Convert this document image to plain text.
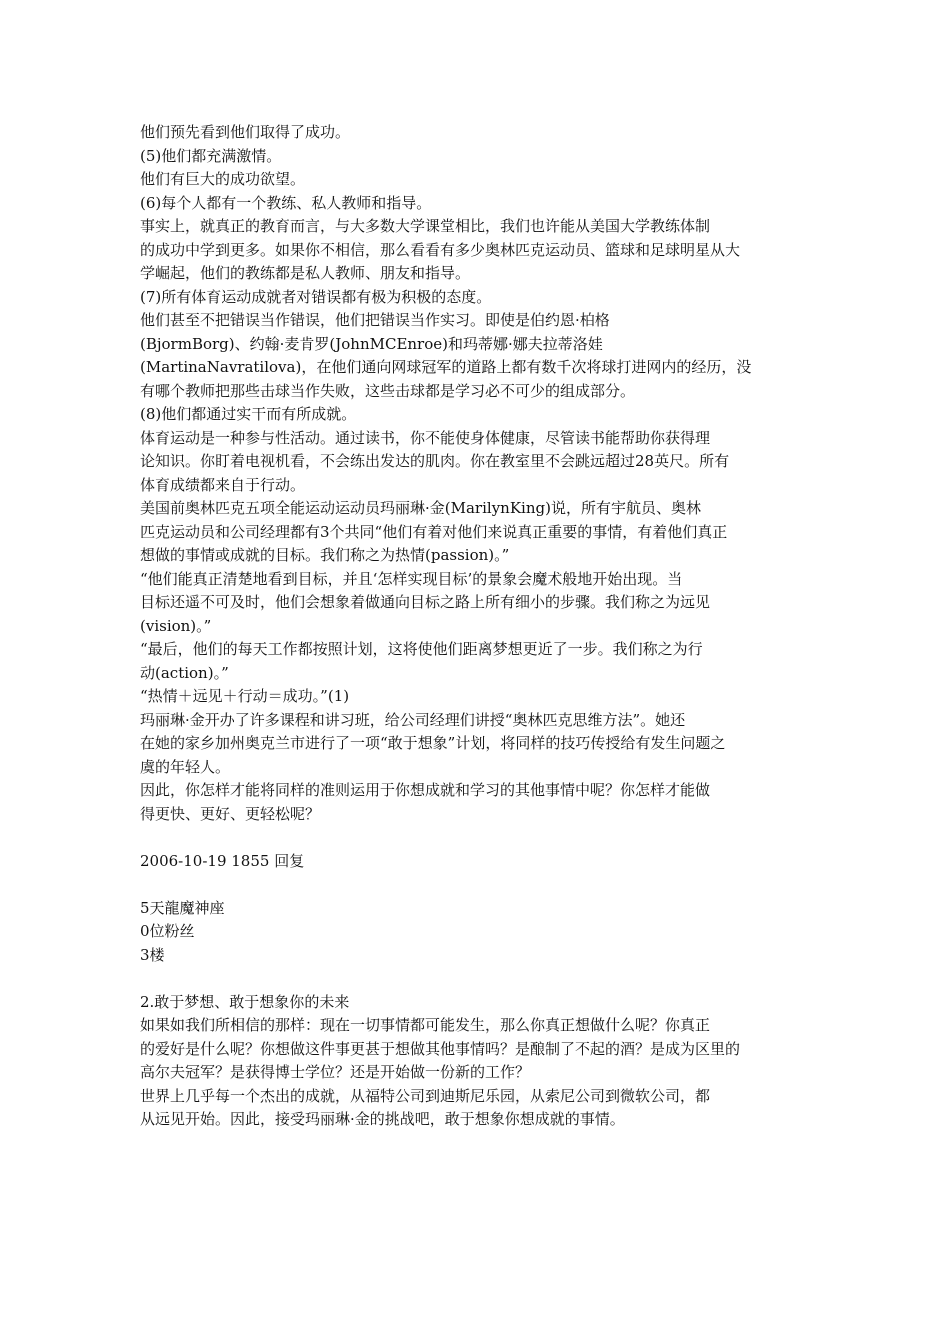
他们预先看到他们取得了成功。
(5)他们都充满激情。
他们有巨大的成功欲望。
(6)每个人都有一个教练、私人教师和指导。
事实上，就真正的教育而言，与大多数大学课堂相比，我们也许能从美国大学教练体制
的成功中学到更多。如果你不相信，那么看看有多少奥林匹克运动员、篮球和足球明星从大
学崛起，他们的教练都是私人教师、朋友和指导。
(7)所有体育运动成就者对错误都有极为积极的态度。
他们甚至不把错误当作错误，他们把错误当作实习。即使是伯约恩·柏格
(BjormBorg)、约翰·麦肯罗(JohnMCEnroe)和玛蒂娜·娜夫拉蒂洛娃
(MartinaNavratilova)，在他们通向网球冠军的道路上都有数千次将球打进网内的经历，没
有哪个教师把那些击球当作失败，这些击球都是学习必不可少的组成部分。
(8)他们都通过实干而有所成就。
体育运动是一种参与性活动。通过读书，你不能使身体健康，尽管读书能帮助你获得理
论知识。你盯着电视机看，不会练出发达的肌肉。你在教室里不会跳远超过28英尺。所有
体育成绩都来自于行动。
美国前奥林匹克五项全能运动运动员玛丽琳·金(MarilynKing)说，所有宇航员、奥林
匹克运动员和公司经理都有3个共同“他们有着对他们来说真正重要的事情，有着他们真正
想做的事情或成就的目标。我们称之为热情(passion)。”
“他们能真正清楚地看到目标，并且‘怎样实现目标’的景象会魔术般地开始出现。当
目标还遥不可及时，他们会想象着做通向目标之路上所有细小的步骤。我们称之为远见
(vision)。”
“最后，他们的每天工作都按照计划，这将使他们距离梦想更近了一步。我们称之为行
动(action)。”
“热情＋远见＋行动＝成功。”(1)
玛丽琳·金开办了许多课程和讲习班，给公司经理们讲授“奥林匹克思维方法”。她还
在她的家乡加州奥克兰市进行了一项“敢于想象”计划，将同样的技巧传授给有发生问题之
虞的年轻人。
因此，你怎样才能将同样的准则运用于你想成就和学习的其他事情中呢？你怎样才能做
得更快、更好、更轻松呢？
2006-10-19 1855 回复
5天龍魔神座
0位粉丝
3楼
2.敢于梦想、敢于想象你的未来
如果如我们所相信的那样：现在一切事情都可能发生，那么你真正想做什么呢？你真正
的爱好是什么呢？你想做这件事更甚于想做其他事情吗？是酿制了不起的酒？是成为区里的
高尔夫冠军？是获得博士学位？还是开始做一份新的工作？
世界上几乎每一个杰出的成就，从福特公司到迪斯尼乐园，从索尼公司到微软公司，都
从远见开始。因此，接受玛丽琳·金的挑战吧，敢于想象你想成就的事情。
